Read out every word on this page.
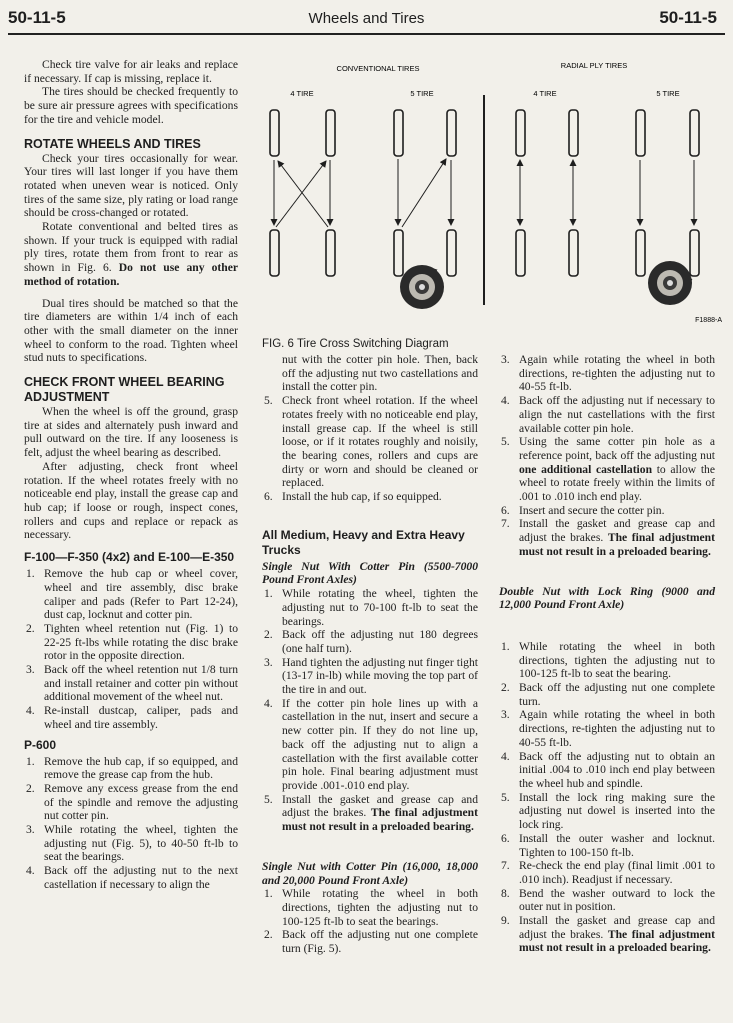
50-11-5	Wheels and Tires	50-11-5

Check tire valve for air leaks and replace if necessary. If cap is missing, replace it.

The tires should be checked frequently to be sure air pressure agrees with specifications for the tire and vehicle model.

ROTATE WHEELS AND TIRES

Check your tires occasionally for wear. Your tires will last longer if you have them rotated when uneven wear is noticed. Only tires of the same size, ply rating or load range should be cross-changed or rotated.

Rotate conventional and belted tires as shown. If your truck is equipped with radial ply tires, rotate them from front to rear as shown in Fig. 6. Do not use any other method of rotation.

Dual tires should be matched so that the tire diameters are within 1/4 inch of each other with the small diameter on the inner wheel to conform to the road. Tighten wheel stud nuts to specifications.

CHECK FRONT WHEEL BEARING ADJUSTMENT

When the wheel is off the ground, grasp tire at sides and alternately push inward and pull outward on the tire. If any looseness is felt, adjust the wheel bearing as described.

After adjusting, check front wheel rotation. If the wheel rotates freely with no noticeable end play, install the grease cap and hub cap; if loose or rough, inspect cones, rollers and cups and replace or repack as necessary.

F-100—F-350 (4x2) and E-100—E-350
1. Remove the hub cap or wheel cover, wheel and tire assembly, disc brake caliper and pads (Refer to Part 12-24), dust cap, locknut and cotter pin.
2. Tighten wheel retention nut (Fig. 1) to 22-25 ft-lbs while rotating the disc brake rotor in the opposite direction.
3. Back off the wheel retention nut 1/8 turn and install retainer and cotter pin without additional movement of the wheel nut.
4. Re-install dustcap, caliper, pads and wheel and tire assembly.
P-600
1. Remove the hub cap, if so equipped, and remove the grease cap from the hub.
2. Remove any excess grease from the end of the spindle and remove the adjusting nut cotter pin.
3. While rotating the wheel, tighten the adjusting nut (Fig. 5), to 40-50 ft-lb to seat the bearings.
4. Back off the adjusting nut to the next castellation if necessary to align the
CONVENTIONAL TIRES	RADIAL PLY TIRES
4 TIRE	5 TIRE	4 TIRE	5 TIRE
F1888-A
FIG. 6 Tire Cross Switching Diagram
nut with the cotter pin hole. Then, back off the adjusting nut two castellations and install the cotter pin.
5. Check front wheel rotation. If the wheel rotates freely with no noticeable end play, install grease cap. If the wheel is still loose, or if it rotates roughly and noisily, the bearing cones, rollers and cups are dirty or worn and should be cleaned or replaced.
6. Install the hub cap, if so equipped.
All Medium, Heavy and Extra Heavy Trucks

Single Nut With Cotter Pin (5500-7000 Pound Front Axles)

1. While rotating the wheel, tighten the adjusting nut to 70-100 ft-lb to seat the bearings.
2. Back off the adjusting nut 180 degrees (one half turn).
3. Hand tighten the adjusting nut finger tight (13-17 in-lb) while moving the top part of the tire in and out.
4. If the cotter pin hole lines up with a castellation in the nut, insert and secure a new cotter pin. If they do not line up, back off the adjusting nut to align a castellation with the first available cotter pin hole. Final bearing adjustment must provide .001-.010 end play.
5. Install the gasket and grease cap and adjust the brakes. The final adjustment must not result in a preloaded bearing.

Single Nut with Cotter Pin (16,000, 18,000 and 20,000 Pound Front Axle)

1. While rotating the wheel in both directions, tighten the adjusting nut to 100-125 ft-lb to seat the bearings.
2. Back off the adjusting nut one complete turn (Fig. 5).
3. Again while rotating the wheel in both directions, re-tighten the adjusting nut to 40-55 ft-lb.
4. Back off the adjusting nut if necessary to align the nut castellations with the first available cotter pin hole.
5. Using the same cotter pin hole as a reference point, back off the adjusting nut one additional castellation to allow the wheel to rotate freely within the limits of .001 to .010 inch end play.
6. Insert and secure the cotter pin.
7. Install the gasket and grease cap and adjust the brakes. The final adjustment must not result in a preloaded bearing.

Double Nut with Lock Ring (9000 and 12,000 Pound Front Axle)

1. While rotating the wheel in both directions, tighten the adjusting nut to 100-125 ft-lb to seat the bearing.
2. Back off the adjusting nut one complete turn.
3. Again while rotating the wheel in both directions, re-tighten the adjusting nut to 40-55 ft-lb.
4. Back off the adjusting nut to obtain an initial .004 to .010 inch end play between the wheel hub and spindle.
5. Install the lock ring making sure the adjusting nut dowel is inserted into the lock ring.
6. Install the outer washer and locknut. Tighten to 100-150 ft-lb.
7. Re-check the end play (final limit .001 to .010 inch). Readjust if necessary.
8. Bend the washer outward to lock the outer nut in position.
9. Install the gasket and grease cap and adjust the brakes. The final adjustment must not result in a preloaded bearing.
